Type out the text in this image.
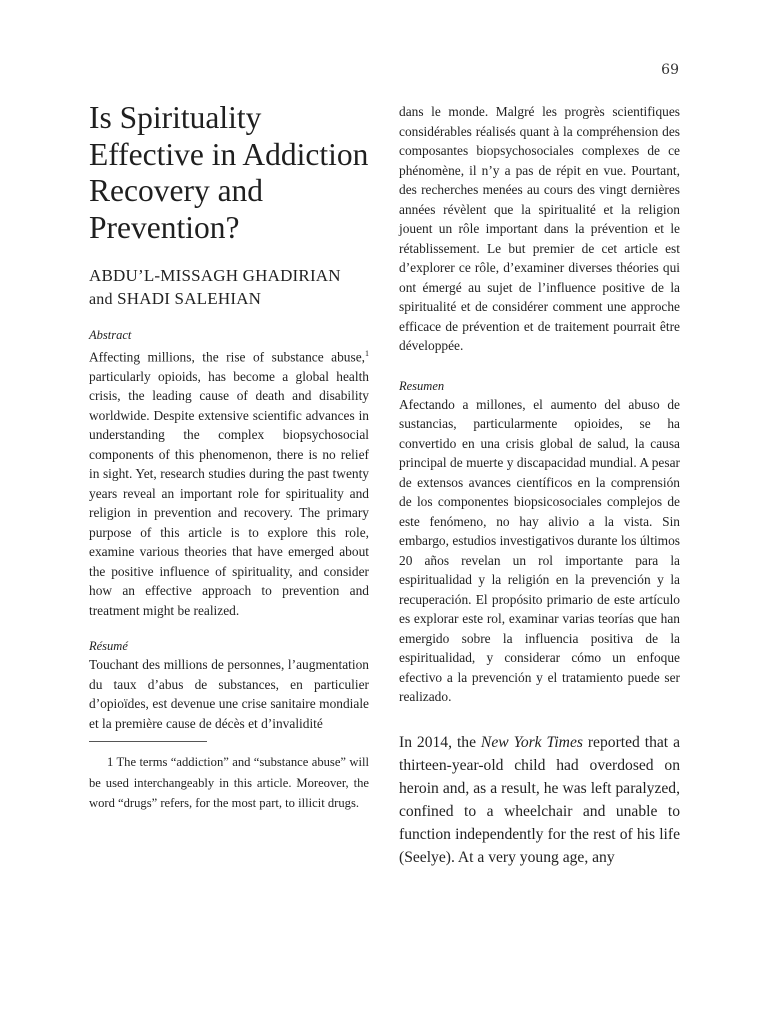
69
Is Spirituality Effective in Addiction Recovery and Prevention?
ABDU’L-MISSAGH GHADIRIAN
and SHADI SALEHIAN

Abstract

Affecting millions, the rise of substance abuse,$^1$ particularly opioids, has become a global health crisis, the leading cause of death and disability worldwide. Despite extensive scientific advances in understanding the complex biopsychosocial components of this phenomenon, there is no relief in sight. Yet, research studies during the past twenty years reveal an important role for spirituality and religion in prevention and recovery. The primary purpose of this article is to explore this role, examine various theories that have emerged about the positive influence of spirituality, and consider how an effective approach to prevention and treatment might be realized.

Résumé

Touchant des millions de personnes, l’augmentation du taux d’abus de substances, en particulier d’opioïdes, est devenue une crise sanitaire mondiale et la première cause de décès et d’invalidité

1 The terms “addiction” and “substance abuse” will be used interchangeably in this article. Moreover, the word “drugs” refers, for the most part, to illicit drugs.

dans le monde. Malgré les progrès scientifiques considérables réalisés quant à la compréhension des composantes biopsychosociales complexes de ce phénomène, il n’y a pas de répit en vue. Pourtant, des recherches menées au cours des vingt dernières années révèlent que la spiritualité et la religion jouent un rôle important dans la prévention et le rétablissement. Le but premier de cet article est d’explorer ce rôle, d’examiner diverses théories qui ont émergé au sujet de l’influence positive de la spiritualité et de considérer comment une approche efficace de prévention et de traitement pourrait être développée.

Resumen

Afectando a millones, el aumento del abuso de sustancias, particularmente opioides, se ha convertido en una crisis global de salud, la causa principal de muerte y discapacidad mundial. A pesar de extensos avances científicos en la comprensión de los componentes biopsicosociales complejos de este fenómeno, no hay alivio a la vista. Sin embargo, estudios investigativos durante los últimos 20 años revelan un rol importante para la espiritualidad y la religión en la prevención y la recuperación. El propósito primario de este artículo es explorar este rol, examinar varias teorías que han emergido sobre la influencia positiva de la espiritualidad, y considerar cómo un enfoque efectivo a la prevención y el tratamiento puede ser realizado.

In 2014, the New York Times reported that a thirteen-year-old child had overdosed on heroin and, as a result, he was left paralyzed, confined to a wheelchair and unable to function independently for the rest of his life (Seelye). At a very young age, any
